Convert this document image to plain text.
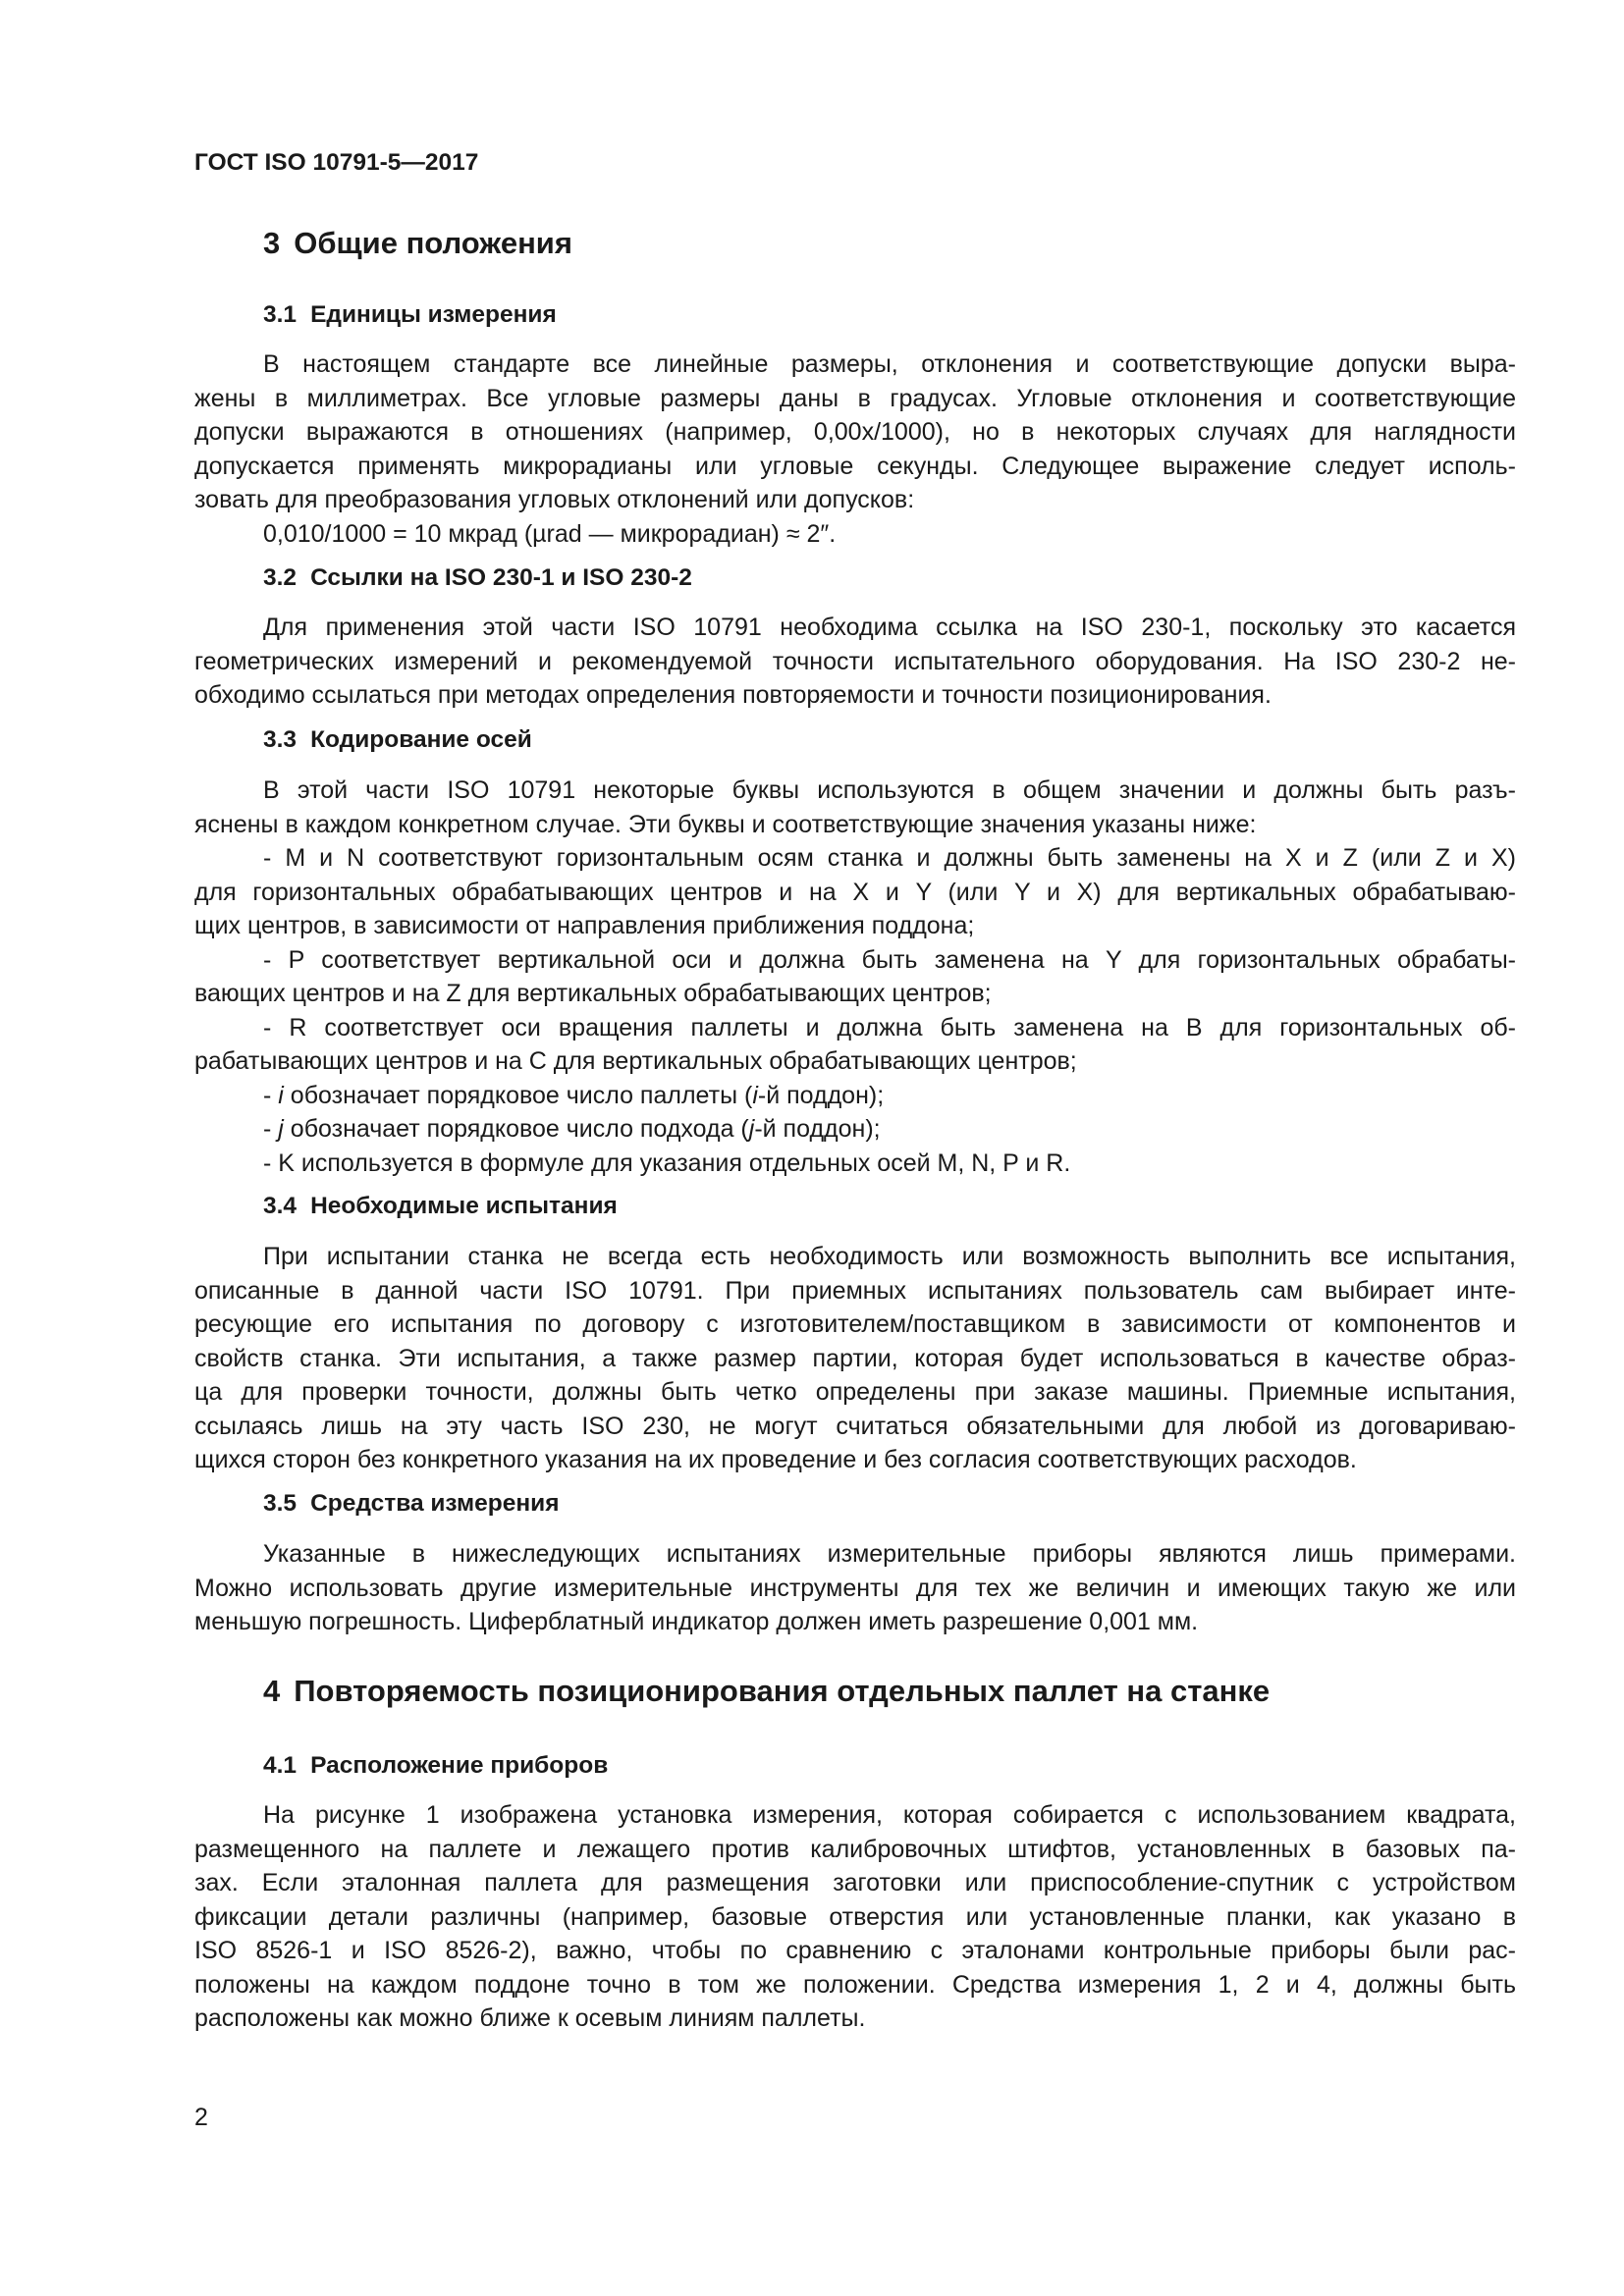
ГОСТ ISO 10791-5—2017
3 Общие положения
3.1 Единицы измерения
В настоящем стандарте все линейные размеры, отклонения и соответствующие допуски выра-
жены в миллиметрах. Все угловые размеры даны в градусах. Угловые отклонения и соответствующие
допуски выражаются в отношениях (например, 0,00x/1000), но в некоторых случаях для наглядности
допускается применять микрорадианы или угловые секунды. Следующее выражение следует исполь-
зовать для преобразования угловых отклонений или допусков:
0,010/1000 = 10 мкрад (µrad — микрорадиан) ≈ 2″.
3.2 Ссылки на ISO 230-1 и ISO 230-2
Для применения этой части ISO 10791 необходима ссылка на ISO 230-1, поскольку это касается
геометрических измерений и рекомендуемой точности испытательного оборудования. На ISO 230-2 не-
обходимо ссылаться при методах определения повторяемости и точности позиционирования.
3.3 Кодирование осей
В этой части ISO 10791 некоторые буквы используются в общем значении и должны быть разъ-
яснены в каждом конкретном случае. Эти буквы и соответствующие значения указаны ниже:
- M и N соответствуют горизонтальным осям станка и должны быть заменены на X и Z (или Z и X)
для горизонтальных обрабатывающих центров и на X и Y (или Y и X) для вертикальных обрабатываю-
щих центров, в зависимости от направления приближения поддона;
- P соответствует вертикальной оси и должна быть заменена на Y для горизонтальных обрабаты-
вающих центров и на Z для вертикальных обрабатывающих центров;
- R соответствует оси вращения паллеты и должна быть заменена на B для горизонтальных об-
рабатывающих центров и на C для вертикальных обрабатывающих центров;
- i обозначает порядковое число паллеты (i-й поддон);
- j обозначает порядковое число подхода (j-й поддон);
- K используется в формуле для указания отдельных осей M, N, P и R.
3.4 Необходимые испытания
При испытании станка не всегда есть необходимость или возможность выполнить все испытания,
описанные в данной части ISO 10791. При приемных испытаниях пользователь сам выбирает инте-
ресующие его испытания по договору с изготовителем/поставщиком в зависимости от компонентов и
свойств станка. Эти испытания, а также размер партии, которая будет использоваться в качестве образ-
ца для проверки точности, должны быть четко определены при заказе машины. Приемные испытания,
ссылаясь лишь на эту часть ISO 230, не могут считаться обязательными для любой из договариваю-
щихся сторон без конкретного указания на их проведение и без согласия соответствующих расходов.
3.5 Средства измерения
Указанные в нижеследующих испытаниях измерительные приборы являются лишь примерами.
Можно использовать другие измерительные инструменты для тех же величин и имеющих такую же или
меньшую погрешность. Циферблатный индикатор должен иметь разрешение 0,001 мм.
4 Повторяемость позиционирования отдельных паллет на станке
4.1 Расположение приборов
На рисунке 1 изображена установка измерения, которая собирается с использованием квадрата,
размещенного на паллете и лежащего против калибровочных штифтов, установленных в базовых па-
зах. Если эталонная паллета для размещения заготовки или приспособление-спутник с устройством
фиксации детали различны (например, базовые отверстия или установленные планки, как указано в
ISO 8526-1 и ISO 8526-2), важно, чтобы по сравнению с эталонами контрольные приборы были рас-
положены на каждом поддоне точно в том же положении. Средства измерения 1, 2 и 4, должны быть
расположены как можно ближе к осевым линиям паллеты.
2
